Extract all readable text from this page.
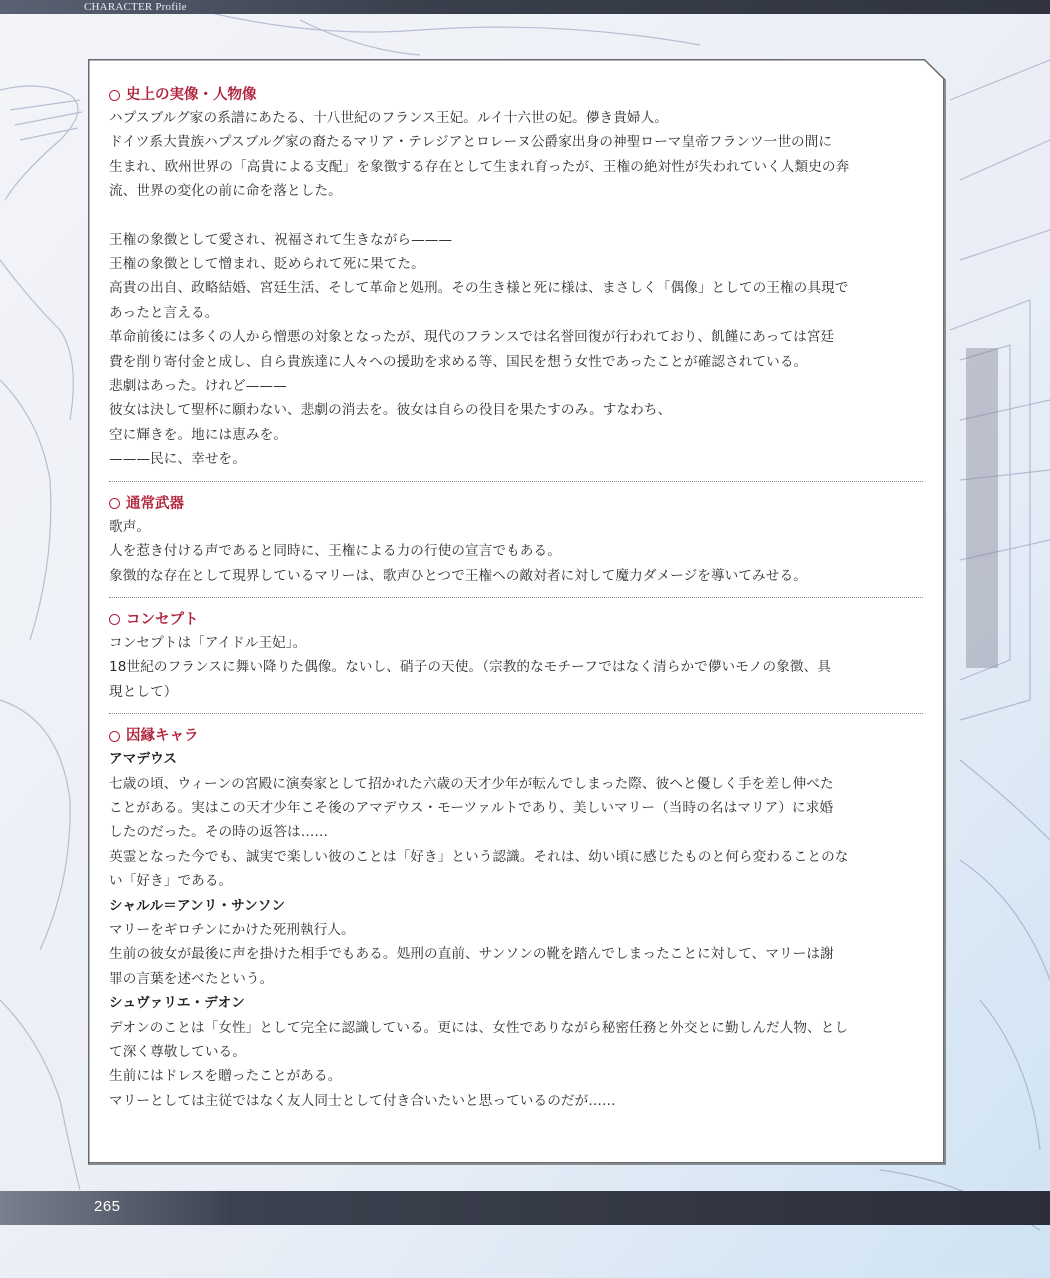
CHARACTER Profile
史上の実像・人物像
ハプスブルグ家の系譜にあたる、十八世紀のフランス王妃。ルイ十六世の妃。儚き貴婦人。
ドイツ系大貴族ハプスブルグ家の裔たるマリア・テレジアとロレーヌ公爵家出身の神聖ローマ皇帝フランツ一世の間に
生まれ、欧州世界の「高貴による支配」を象徴する存在として生まれ育ったが、王権の絶対性が失われていく人類史の奔
流、世界の変化の前に命を落とした。
王権の象徴として愛され、祝福されて生きながら———
王権の象徴として憎まれ、貶められて死に果てた。
高貴の出自、政略結婚、宮廷生活、そして革命と処刑。その生き様と死に様は、まさしく「偶像」としての王権の具現で
あったと言える。
革命前後には多くの人から憎悪の対象となったが、現代のフランスでは名誉回復が行われており、飢饉にあっては宮廷
費を削り寄付金と成し、自ら貴族達に人々への援助を求める等、国民を想う女性であったことが確認されている。
悲劇はあった。けれど———
彼女は決して聖杯に願わない、悲劇の消去を。彼女は自らの役目を果たすのみ。すなわち、
空に輝きを。地には恵みを。
———民に、幸せを。
通常武器
歌声。
人を惹き付ける声であると同時に、王権による力の行使の宣言でもある。
象徴的な存在として現界しているマリーは、歌声ひとつで王権への敵対者に対して魔力ダメージを導いてみせる。
コンセプト
コンセプトは「アイドル王妃」。
18世紀のフランスに舞い降りた偶像。ないし、硝子の天使。（宗教的なモチーフではなく清らかで儚いモノの象徴、具
現として）
因縁キャラ
アマデウス
七歳の頃、ウィーンの宮殿に演奏家として招かれた六歳の天才少年が転んでしまった際、彼へと優しく手を差し伸べた
ことがある。実はこの天才少年こそ後のアマデウス・モーツァルトであり、美しいマリー（当時の名はマリア）に求婚
したのだった。その時の返答は……
英霊となった今でも、誠実で楽しい彼のことは「好き」という認識。それは、幼い頃に感じたものと何ら変わることのな
い「好き」である。
シャルル＝アンリ・サンソン
マリーをギロチンにかけた死刑執行人。
生前の彼女が最後に声を掛けた相手でもある。処刑の直前、サンソンの靴を踏んでしまったことに対して、マリーは謝
罪の言葉を述べたという。
シュヴァリエ・デオン
デオンのことは「女性」として完全に認識している。更には、女性でありながら秘密任務と外交とに勤しんだ人物、とし
て深く尊敬している。
生前にはドレスを贈ったことがある。
マリーとしては主従ではなく友人同士として付き合いたいと思っているのだが……
265
